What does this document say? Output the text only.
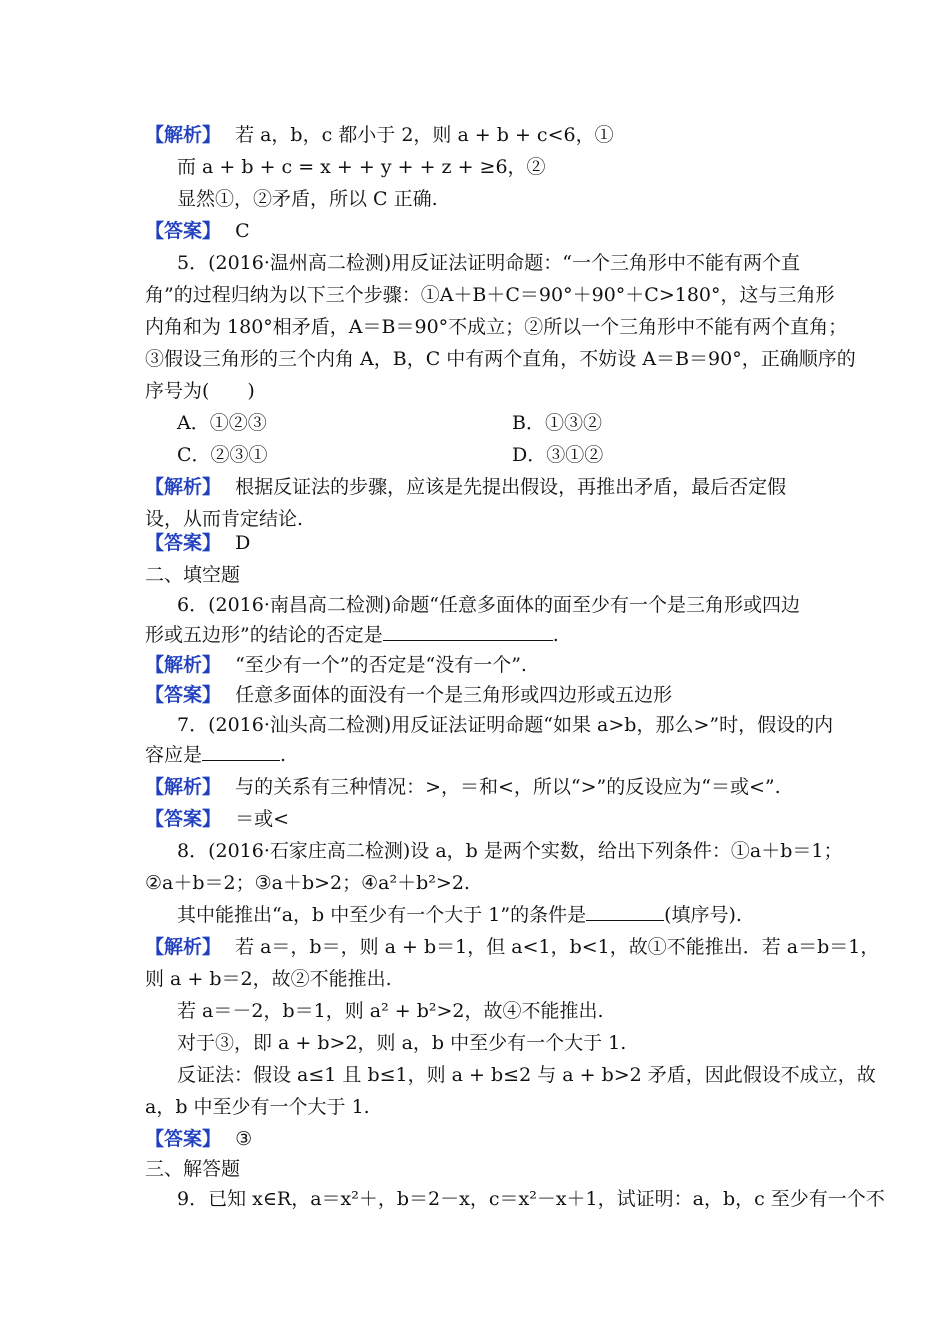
【解析】 若 a，b，c 都小于 2，则 a + b + c<6，①
而 a + b + c = x + + y + + z + ≥6，②
显然①，②矛盾，所以 C 正确.
【答案】 C
5．(2016·温州高二检测)用反证法证明命题：“一个三角形中不能有两个直
角”的过程归纳为以下三个步骤：①A＋B＋C＝90°＋90°＋C>180°，这与三角形
内角和为 180°相矛盾，A＝B＝90°不成立；②所以一个三角形中不能有两个直角；
③假设三角形的三个内角 A，B，C 中有两个直角，不妨设 A＝B＝90°，正确顺序的
序号为(　　)
A．①②③	B．①③②
C．②③①	D．③①②
【解析】 根据反证法的步骤，应该是先提出假设，再推出矛盾，最后否定假
设，从而肯定结论.
【答案】 D
二、填空题
6．(2016·南昌高二检测)命题“任意多面体的面至少有一个是三角形或四边
形或五边形”的结论的否定是	.
【解析】 “至少有一个”的否定是“没有一个”.
【答案】 任意多面体的面没有一个是三角形或四边形或五边形
7．(2016·汕头高二检测)用反证法证明命题“如果 a>b，那么>”时，假设的内
容应是	.
【解析】 与的关系有三种情况：>，＝和<，所以“>”的反设应为“＝或<”.
【答案】 ＝或<
8．(2016·石家庄高二检测)设 a，b 是两个实数，给出下列条件：①a＋b＝1；
②a＋b＝2；③a＋b>2；④a²＋b²>2.
其中能推出“a，b 中至少有一个大于 1”的条件是	(填序号).
【解析】 若 a＝，b＝，则 a + b＝1，但 a<1，b<1，故①不能推出．若 a＝b＝1，
则 a + b＝2，故②不能推出.
若 a＝－2，b＝1，则 a² + b²>2，故④不能推出.
对于③，即 a + b>2，则 a，b 中至少有一个大于 1.
反证法：假设 a≤1 且 b≤1，则 a + b≤2 与 a + b>2 矛盾，因此假设不成立，故
a，b 中至少有一个大于 1.
【答案】 ③
三、解答题
9．已知 x∈R，a＝x²＋，b＝2－x，c＝x²－x＋1，试证明：a，b，c 至少有一个不
